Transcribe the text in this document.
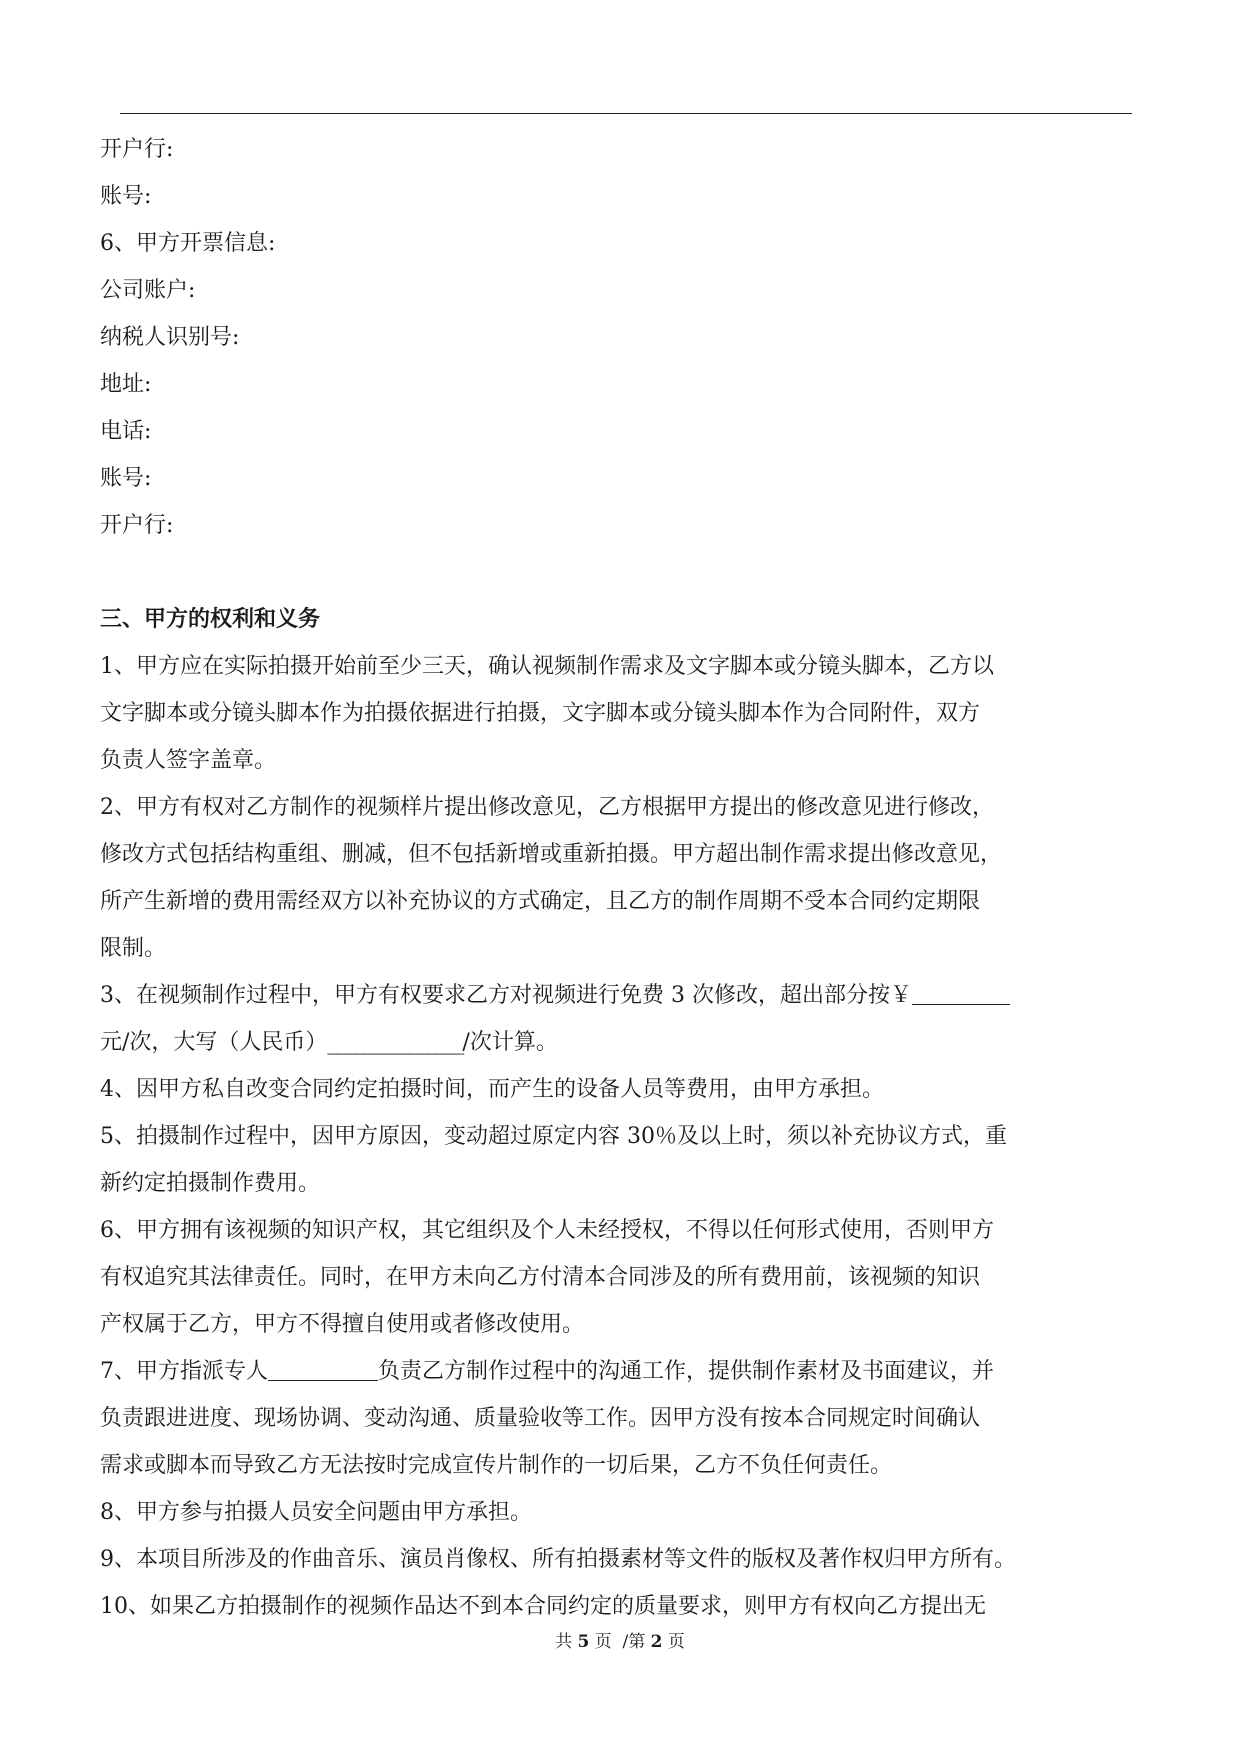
开户行:

账号:

6、甲方开票信息:

公司账户:

纳税人识别号:

地址:

电话:

账号:

开户行:

三、甲方的权利和义务

1、甲方应在实际拍摄开始前至少三天，确认视频制作需求及文字脚本或分镜头脚本，乙方以

文字脚本或分镜头脚本作为拍摄依据进行拍摄，文字脚本或分镜头脚本作为合同附件，双方

负责人签字盖章。

2、甲方有权对乙方制作的视频样片提出修改意见，乙方根据甲方提出的修改意见进行修改，

修改方式包括结构重组、删减，但不包括新增或重新拍摄。甲方超出制作需求提出修改意见，

所产生新增的费用需经双方以补充协议的方式确定，且乙方的制作周期不受本合同约定期限

限制。

3、在视频制作过程中，甲方有权要求乙方对视频进行免费 3 次修改，超出部分按￥

元/次，大写（人民币）_______________/次计算。

4、因甲方私自改变合同约定拍摄时间，而产生的设备人员等费用，由甲方承担。

5、拍摄制作过程中，因甲方原因，变动超过原定内容 30％及以上时，须以补充协议方式，重

新约定拍摄制作费用。

6、甲方拥有该视频的知识产权，其它组织及个人未经授权，不得以任何形式使用，否则甲方

有权追究其法律责任。同时，在甲方未向乙方付清本合同涉及的所有费用前，该视频的知识

产权属于乙方，甲方不得擅自使用或者修改使用。

7、甲方指派专人	负责乙方制作过程中的沟通工作，提供制作素材及书面建议，并

负责跟进进度、现场协调、变动沟通、质量验收等工作。因甲方没有按本合同规定时间确认

需求或脚本而导致乙方无法按时完成宣传片制作的一切后果，乙方不负任何责任。

8、甲方参与拍摄人员安全问题由甲方承担。

9、本项目所涉及的作曲音乐、演员肖像权、所有拍摄素材等文件的版权及著作权归甲方所有。

10、如果乙方拍摄制作的视频作品达不到本合同约定的质量要求，则甲方有权向乙方提出无

共 5 页 /第 2 页
